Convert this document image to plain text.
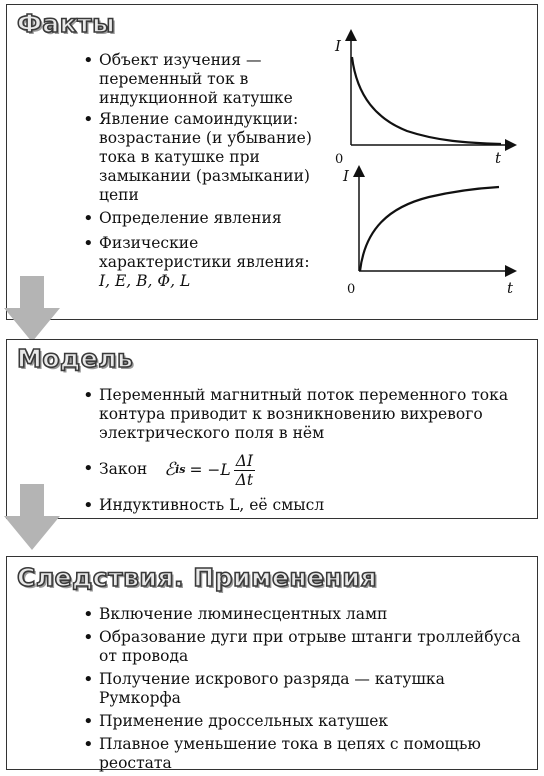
Факты
• Объект изучения — переменный ток в индукционной катушке
• Явление самоиндукции: возрастание (и убывание) тока в катушке при замыкании (размыкании) цепи
• Определение явления
• Физические характеристики явления:
I, E, B, Φ, L
I
t
0
I
t
0
Модель
• Переменный магнитный поток переменного тока контура приводит к возникновению вихревого электрического поля в нём
• Закон ℰ is = $-L \frac{\Delta I}{\Delta t}$
• Индуктивность L, её смысл
Следствия. Применения
• Включение люминесцентных ламп
• Образование дуги при отрыве штанги троллейбуса от провода
• Получение искрового разряда — катушка Румкорфа
• Применение дроссельных катушек
• Плавное уменьшение тока в цепях с помощью реостата
